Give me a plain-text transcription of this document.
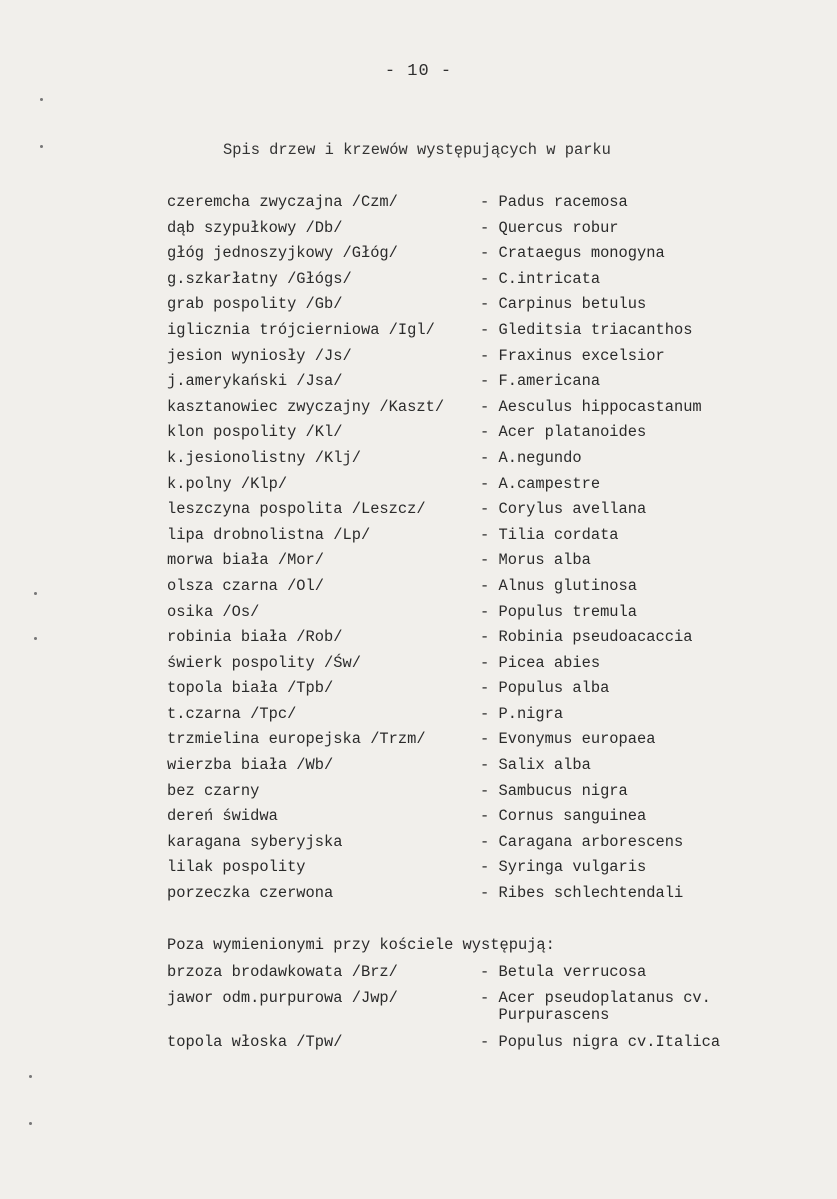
- 10 -
Spis drzew i krzewów występujących w parku
czeremcha zwyczajna /Czm/	- Padus racemosa
dąb szypułkowy /Db/	- Quercus robur
głóg jednoszyjkowy /Głóg/	- Crataegus monogyna
g.szkarłatny /Głógs/	- C.intricata
grab pospolity /Gb/	- Carpinus betulus
iglicznia trójcierniowa /Igl/	- Gleditsia triacanthos
jesion wyniosły /Js/	- Fraxinus excelsior
j.amerykański /Jsa/	- F.americana
kasztanowiec zwyczajny /Kaszt/ - Aesculus hippocastanum
klon pospolity /Kl/	- Acer platanoides
k.jesionolistny /Klj/	- A.negundo
k.polny /Klp/	- A.campestre
leszczyna pospolita /Leszcz/	- Corylus avellana
lipa drobnolistna /Lp/	- Tilia cordata
morwa biała /Mor/	- Morus alba
olsza czarna /Ol/	- Alnus glutinosa
osika /Os/	- Populus tremula
robinia biała /Rob/	- Robinia pseudoacaccia
świerk pospolity /Św/	- Picea abies
topola biała /Tpb/	- Populus alba
t.czarna /Tpc/	- P.nigra
trzmielina europejska /Trzm/	- Evonymus europaea
wierzba biała /Wb/	- Salix alba
bez czarny	- Sambucus nigra
dereń świdwa	- Cornus sanguinea
karagana syberyjska	- Caragana arborescens
lilak pospolity	- Syringa vulgaris
porzeczka czerwona	- Ribes schlechtendali
Poza wymienionymi przy kościele występują:
brzoza brodawkowata /Brz/	- Betula verrucosa
jawor odm.purpurowa /Jwp/	- Acer pseudoplatanus cv.
Purpurascens
topola włoska /Tpw/	- Populus nigra cv.Italica
